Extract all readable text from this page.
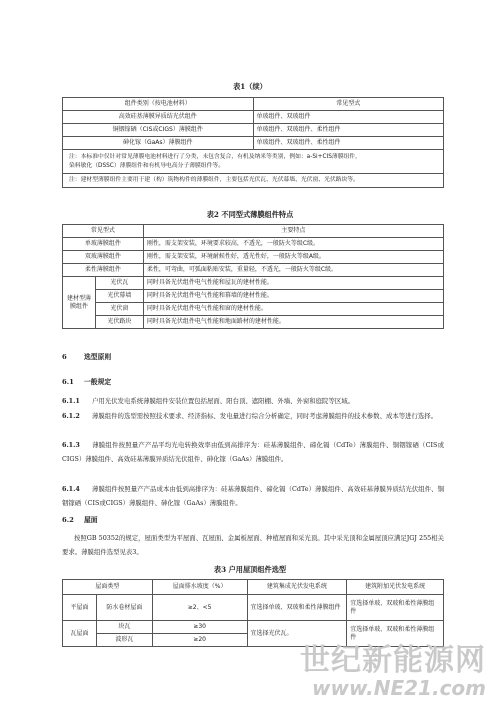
表1（续）
组件类别（按电池材料）	常见型式
高效硅基薄膜异质结光伏组件	单玻组件、双玻组件
铜铟镓硒（CIS或CIGS）薄膜组件	单玻组件、双玻组件、柔性组件
砷化镓（GaAs）薄膜组件	单玻组件、双玻组件、柔性组件

注：本标准中仅针对常见薄膜电池材料进行了分类，未包含复合，有机及纳米等类别，例如：a-Si+CIS薄膜组件，
染料敏化（DSSC）薄膜组件和有机导电高分子薄膜组件等。	

注：建材型薄膜组件主要用于建（构）筑物构件的薄膜组件，主要包括光伏瓦、光伏幕墙、光伏窗、光伏路块等。	
表2 不同型式薄膜组件特点
常见型式		主要特点
单玻薄膜组件		刚性，需支架安装，环境要求较高，不透光，一般防火等级C级。
双玻薄膜组件		刚性，需支架安装，环境耐候性好，透光性好，一般防火等级A级。
柔性薄膜组件		柔性，可弯曲，可弧面粘贴安装，重量轻，不透光，一般防火等级C级。
建材型薄膜组件	光伏瓦	同时具备光伏组件电气性能和屋瓦的建材性能。
	光伏幕墙	同时具备光伏组件电气性能和幕墙的建材性能。
	光伏窗	同时具备光伏组件电气性能和窗的建材性能。
	光伏路块	同时具备光伏组件电气性能和地面路材的建材性能。
6	选型原则
6.1 一般规定
6.1.1 户用光伏发电系统薄膜组件安装位置包括屋面、阳台顶、遮阳棚、外墙、外窗和庭院等区域。
6.1.2 薄膜组件的选型需按照技术要求、经济指标、发电量进行综合分析确定，同时考虑薄膜组件的技术参数、成本等进行选择。
6.1.3 薄膜组件按照量产产品平均光电转换效率由低到高排序为：硅基薄膜组件、碲化镉（CdTe）薄膜组件、铜铟镓硒（CIS或CIGS）薄膜组件、高效硅基薄膜异质结光伏组件、砷化镓（GaAs）薄膜组件。
6.1.4 薄膜组件按照量产产品成本由低到高排序为：硅基薄膜组件、碲化镉（CdTe）薄膜组件、高效硅基薄膜异质结光伏组件、铜铟镓硒（CIS或CIGS）薄膜组件、砷化镓（GaAs）薄膜组件。
6.2 屋面
按照GB 50352的规定，屋面类型为平屋面、瓦屋面、金属板屋面、种植屋面和采光顶。其中采光顶和金属屋顶应满足JGJ 255相关要求。薄膜组件选型见表3。
表3 户用屋顶组件选型
屋面类型		屋面排水坡度（%）	建筑集成光伏发电系统	建筑附加光伏发电系统
平屋面	防水卷材屋面	≥2、<5	宜选择单玻、双玻和柔性薄膜组件	宜选择单玻、双玻和柔性薄膜组件
瓦屋面	块瓦	≥30	宜选择光伏瓦。	宜选择单玻、双玻和柔性薄膜组件
	波形瓦	≥20		
世纪新能源网
www.NE21.com
